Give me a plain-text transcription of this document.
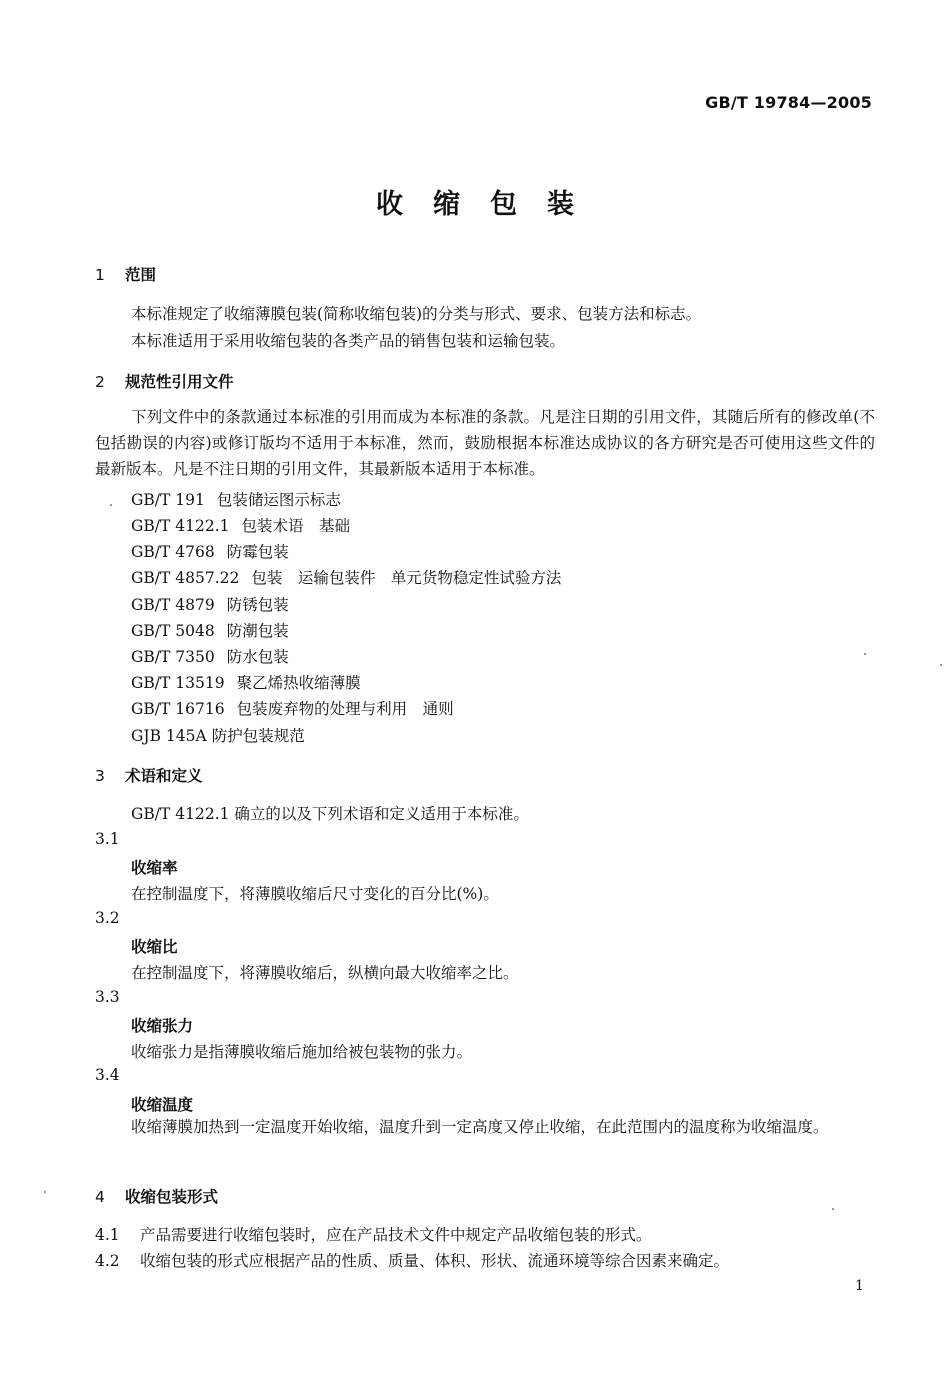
GB/T 19784—2005
收 缩 包 装
1 范围
本标准规定了收缩薄膜包装(简称收缩包装)的分类与形式、要求、包装方法和标志。
本标准适用于采用收缩包装的各类产品的销售包装和运输包装。
2 规范性引用文件
下列文件中的条款通过本标准的引用而成为本标准的条款。凡是注日期的引用文件，其随后所有的修改单(不包括勘误的内容)或修订版均不适用于本标准，然而，鼓励根据本标准达成协议的各方研究是否可使用这些文件的最新版本。凡是不注日期的引用文件，其最新版本适用于本标准。
GB/T 191 包装储运图示标志
GB/T 4122.1 包装术语　基础
GB/T 4768 防霉包装
GB/T 4857.22 包装　运输包装件　单元货物稳定性试验方法
GB/T 4879 防锈包装
GB/T 5048 防潮包装
GB/T 7350 防水包装
GB/T 13519 聚乙烯热收缩薄膜
GB/T 16716 包装废弃物的处理与利用　通则
GJB 145A 防护包装规范
3 术语和定义
GB/T 4122.1 确立的以及下列术语和定义适用于本标准。
3.1
收缩率
在控制温度下，将薄膜收缩后尺寸变化的百分比(%)。
3.2
收缩比
在控制温度下，将薄膜收缩后，纵横向最大收缩率之比。
3.3
收缩张力
收缩张力是指薄膜收缩后施加给被包装物的张力。
3.4
收缩温度
收缩薄膜加热到一定温度开始收缩，温度升到一定高度又停止收缩，在此范围内的温度称为收缩温度。
4 收缩包装形式
4.1 产品需要进行收缩包装时，应在产品技术文件中规定产品收缩包装的形式。
4.2 收缩包装的形式应根据产品的性质、质量、体积、形状、流通环境等综合因素来确定。
1
